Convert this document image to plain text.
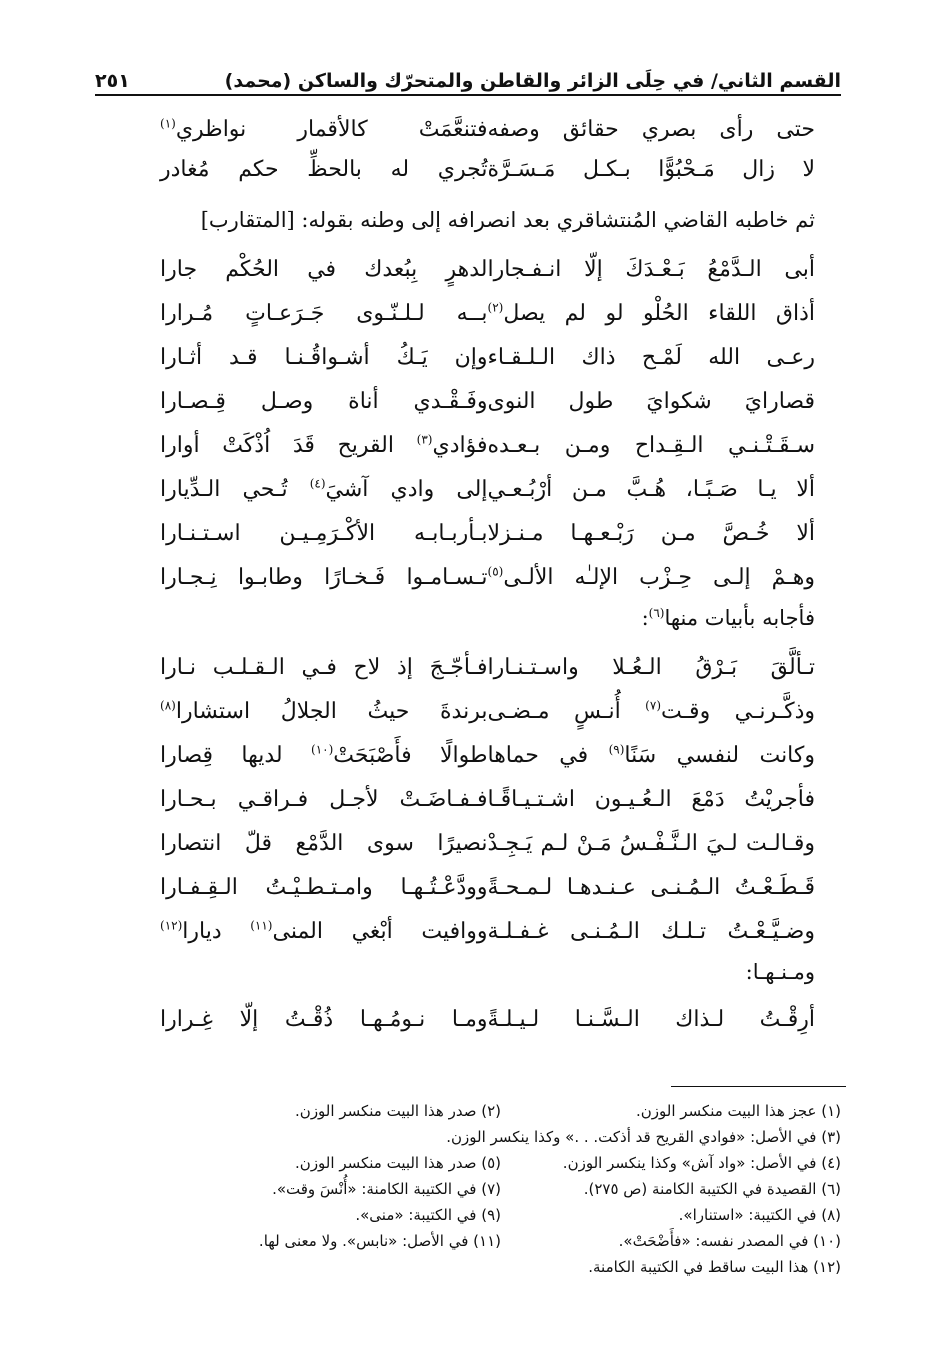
القسم الثاني/ في حِلَى الزائر والقاطن والمتحرّك والساكن (محمد)
٢٥١
حتى رأى بصري حقائق وصفه
فتنعَّمَتْ كالأقمار نواظري$^{(١)}$
لا زال مَـحْبُوًّا بـكـل مَـسَـرَّة
تُجري له بالحظِّ حكم مُغادر
ثم خاطبه القاضي المُنتشاقري بعد انصرافه إلى وطنه بقوله: [المتقارب]
أبى الـدَّمْعُ بَـعْـدَكَ إلّا انـفـجارا
لدهرٍ بِبُعدك في الحُكْم جارا
أذاق اللقاء الحُلْو لو لم يصل$^{(٢)}$
بــه لـلـنّـوى جَـرَعـاتٍ مُـرارا
رعـى الله لَمْـح ذاك الـلـقـاء
وإن يَـكُ أشـواقُـنـا قـد أثـارا
قصارايَ شكوايَ طول النوى
وفَـقْـدي أناة وصـل قِـصـارا
سـقَـتْـنـي الـقِـداح ومـن بـعـده
فؤادي$^{(٣)}$ القريح قَدَ اُذْكَتْ أوارا
ألا يـا صَـبًـا، هُـبَّ مـن أرْبُـعـي
إلى وادي آشيَ$^{(٤)}$ تُـحي الـدِّيارا
ألا خُـصَّ مـن رَبْـعـهـا مـنـزلا
بـأربـابـه الأكْـرَمِـيـن اسـتـنـارا
وهـمْ إلـى حِـزْب الإلـٰه الألـى$^{(٥)}$
تـسـامـوا فَـخـارًا وطابـوا نِـجـارا
فأجابه بأبيات منها$^{(٦)}$:
تـألَّقَ بَـرْقُ الـعُـلا واسـتـنـارا
فـأجّـجَ إذ لاح فـي الـقـلـب نـارا
وذكَّـرنـي وقـت$^{(٧)}$ أُنـسٍ مـضـى
برندةَ حيثُ الجلالُ استشارا$^{(٨)}$
وكانت لنفسي سَنًا$^{(٩)}$ في حماها
طوالًا فأَصْبَحَتْ$^{(١٠)}$ لديها قِصارا
فأجريْتُ دَمْعَ الـعُـيـون اشـتـيـاقًـا
فـفـاضَـتْ لأجـل فـراقـي بـحـارا
وقـالـت لـيَ الـنَّـفْـسُ مَـنْ لـم يَـجِـدْ
نصيرًا سوى الدَّمْع قلّ انتصارا
قَـطَـعْـتُ الـمُـنـى عـنـدهـا لـمـحـةً
وودَّعْـتُـهـا وامـتـطـيْـتُ الـقِـفـارا
وضـيَّـعْـتُ تـلـك الـمُـنـى غـفـلـة
ووافيت أبْغي المنى$^{(١١)}$ ديارا$^{(١٢)}$
ومـنـهـا:
أرِقْـتُ لـذاك الـسَّـنـا لـيـلـةً
ومـا نـومُـهـا ذُقْـتُ إلّا غِـرارا
(١) عجز هذا البيت منكسر الوزن.
(٢) صدر هذا البيت منكسر الوزن.
(٣) في الأصل: «فوادي القريح قد أذكت. . .» وكذا ينكسر الوزن.
(٤) في الأصل: «واد آش» وكذا ينكسر الوزن.
(٥) صدر هذا البيت منكسر الوزن.
(٦) القصيدة في الكتيبة الكامنة (ص ٢٧٥).
(٧) في الكتيبة الكامنة: «أُنْسَ وقت».
(٨) في الكتيبة: «استنارا».
(٩) في الكتيبة: «منى».
(١٠) في المصدر نفسه: «فأَضْحَتْ».
(١١) في الأصل: «نابس». ولا معنى لها.
(١٢) هذا البيت ساقط في الكتيبة الكامنة.
